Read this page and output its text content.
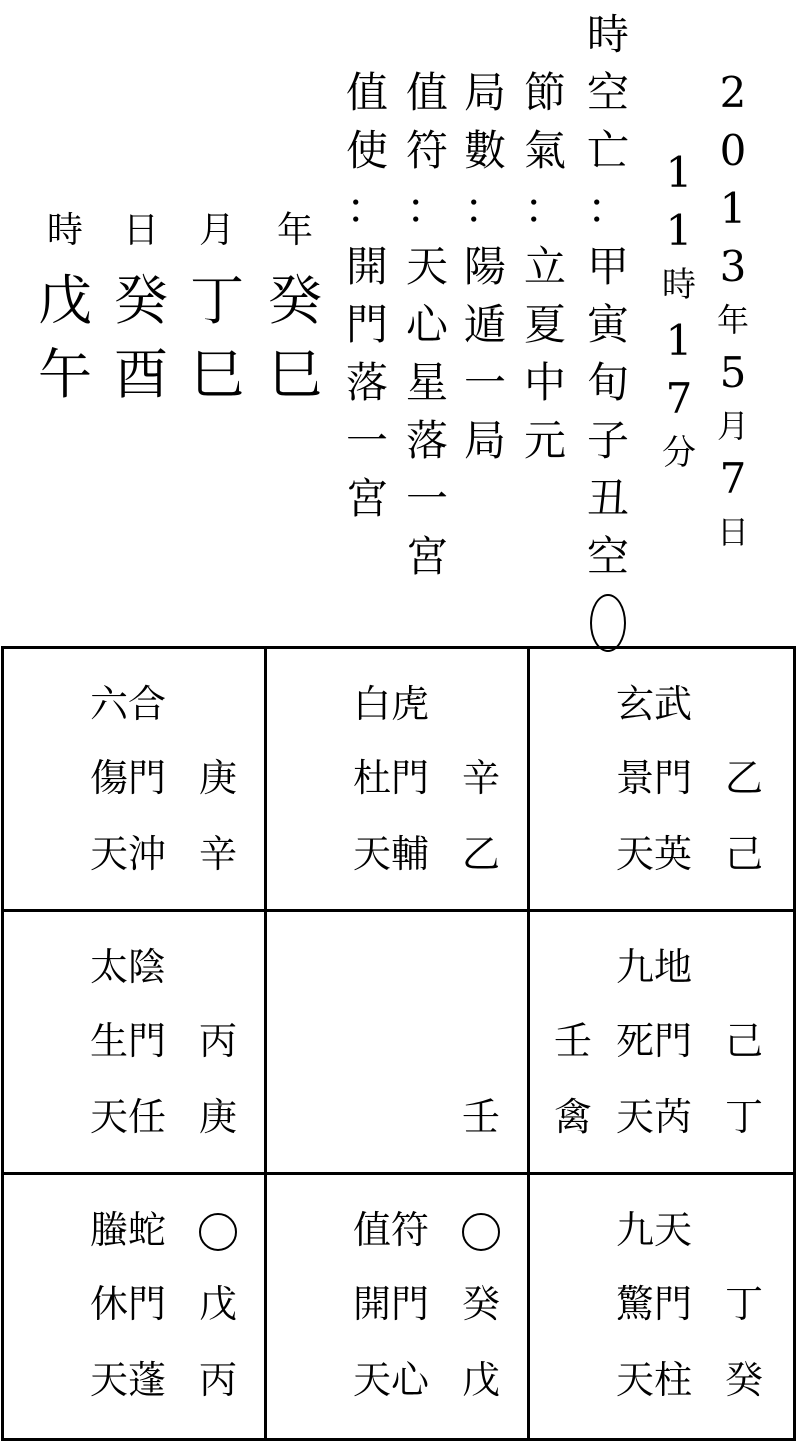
2
0
1
3
年
5
月
7
日
1
1
時
1
7
分
時
空
亡
：
甲
寅
旬
子
丑
空
節
氣
：
立
夏
中
元
局
數
：
陽
遁
一
局
值
符
：
天
心
星
落
一
宮
值
使
：
開
門
落
一
宮
年
癸
巳
月
丁
巳
日
癸
酉
時
戊
午
六合
傷門 庚
天沖 辛
白虎
杜門 辛
天輔 乙
玄武
景門 乙
天英 己
太陰
生門 丙
天任 庚	壬
九地
壬 死門 己
禽 天芮 丁
螣蛇
休門 戊
天蓬 丙
值符
開門 癸
天心 戊
九天
驚門 丁
天柱 癸
